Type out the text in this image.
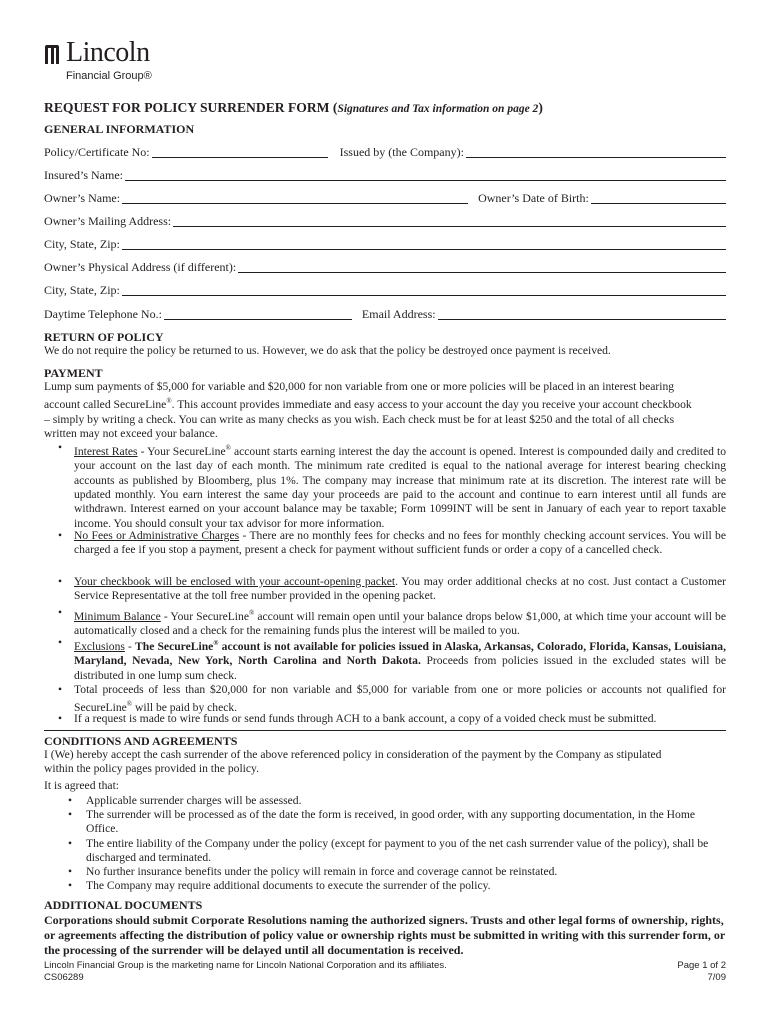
Lincoln
Financial Group®
REQUEST FOR POLICY SURRENDER FORM (Signatures and Tax information on page 2)
GENERAL INFORMATION
Policy/Certificate No:	Issued by (the Company):
Insured’s Name:
Owner’s Name:	Owner’s Date of Birth:
Owner’s Mailing Address:
City, State, Zip:
Owner’s Physical Address (if different):
City, State, Zip:
Daytime Telephone No.:	Email Address:
RETURN OF POLICY
We do not require the policy be returned to us. However, we do ask that the policy be destroyed once payment is received.
PAYMENT
Lump sum payments of $5,000 for variable and $20,000 for non variable from one or more policies will be placed in an interest bearing
account called SecureLine®. This account provides immediate and easy access to your account the day you receive your account checkbook
– simply by writing a check. You can write as many checks as you wish. Each check must be for at least $250 and the total of all checks
written may not exceed your balance.
•	Interest Rates - Your SecureLine® account starts earning interest the day the account is opened. Interest is compounded daily and credited to your account on the last day of each month. The minimum rate credited is equal to the national average for interest bearing checking accounts as published by Bloomberg, plus 1%. The company may increase that minimum rate at its discretion. The interest rate will be updated monthly. You earn interest the same day your proceeds are paid to the account and continue to earn interest until all funds are withdrawn. Interest earned on your account balance may be taxable; Form 1099INT will be sent in January of each year to report taxable income. You should consult your tax advisor for more information.
•	No Fees or Administrative Charges - There are no monthly fees for checks and no fees for monthly checking account services. You will be charged a fee if you stop a payment, present a check for payment without sufficient funds or order a copy of a cancelled check.
•	Your checkbook will be enclosed with your account-opening packet. You may order additional checks at no cost. Just contact a Customer Service Representative at the toll free number provided in the opening packet.
•	Minimum Balance - Your SecureLine® account will remain open until your balance drops below $1,000, at which time your account will be automatically closed and a check for the remaining funds plus the interest will be mailed to you.
•	Exclusions - The SecureLine® account is not available for policies issued in Alaska, Arkansas, Colorado, Florida, Kansas, Louisiana, Maryland, Nevada, New York, North Carolina and North Dakota. Proceeds from policies issued in the excluded states will be distributed in one lump sum check.
•	Total proceeds of less than $20,000 for non variable and $5,000 for variable from one or more policies or accounts not qualified for SecureLine® will be paid by check.
•	If a request is made to wire funds or send funds through ACH to a bank account, a copy of a voided check must be submitted.
CONDITIONS AND AGREEMENTS
I (We) hereby accept the cash surrender of the above referenced policy in consideration of the payment by the Company as stipulated
within the policy pages provided in the policy.
It is agreed that:
•	Applicable surrender charges will be assessed.
•	The surrender will be processed as of the date the form is received, in good order, with any supporting documentation, in the Home Office.
•	The entire liability of the Company under the policy (except for payment to you of the net cash surrender value of the policy), shall be discharged and terminated.
•	No further insurance benefits under the policy will remain in force and coverage cannot be reinstated.
•	The Company may require additional documents to execute the surrender of the policy.
ADDITIONAL DOCUMENTS
Corporations should submit Corporate Resolutions naming the authorized signers. Trusts and other legal forms of ownership, rights, or agreements affecting the distribution of policy value or ownership rights must be submitted in writing with this surrender form, or the processing of the surrender will be delayed until all documentation is received.
Lincoln Financial Group is the marketing name for Lincoln National Corporation and its affiliates.
CS06289
Page 1 of 2
7/09
